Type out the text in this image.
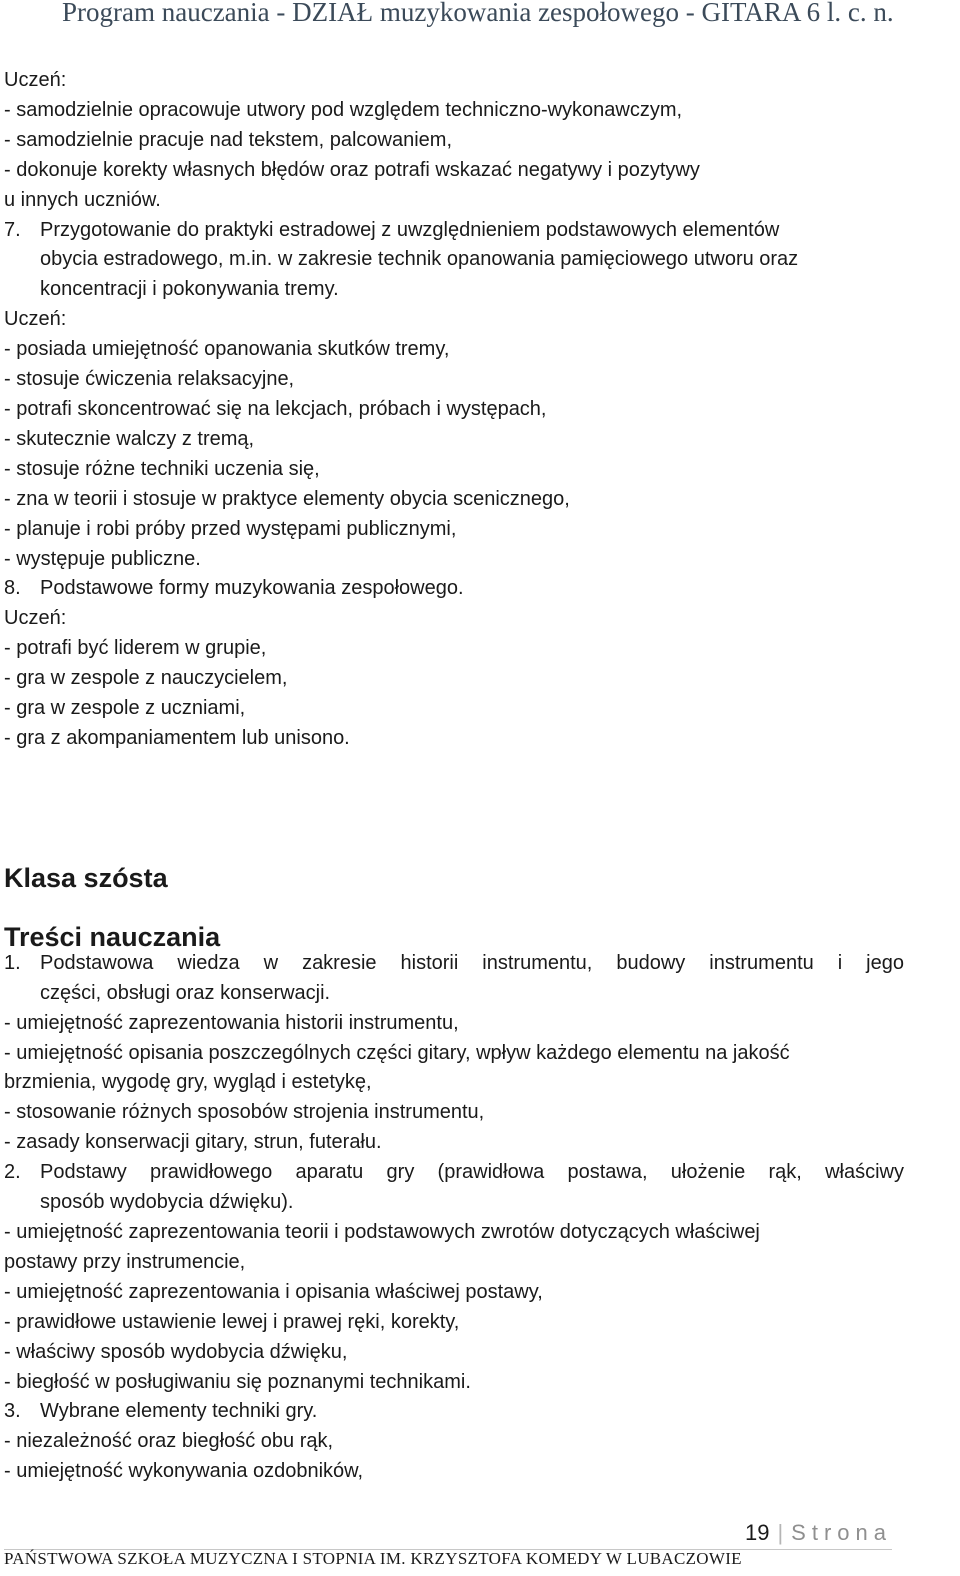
Program nauczania - DZIAŁ muzykowania zespołowego - GITARA 6 l. c. n.
Uczeń:
- samodzielnie opracowuje utwory pod względem techniczno-wykonawczym,
- samodzielnie pracuje nad tekstem, palcowaniem,
- dokonuje korekty własnych błędów oraz potrafi wskazać negatywy i pozytywy
u innych uczniów.
7. Przygotowanie do praktyki estradowej z uwzględnieniem podstawowych elementów
obycia estradowego, m.in. w zakresie technik opanowania pamięciowego utworu oraz
koncentracji i pokonywania tremy.
Uczeń:
- posiada umiejętność opanowania skutków tremy,
- stosuje ćwiczenia relaksacyjne,
- potrafi skoncentrować się na lekcjach, próbach i występach,
- skutecznie walczy z tremą,
- stosuje różne techniki uczenia się,
- zna w teorii i stosuje w praktyce elementy obycia scenicznego,
- planuje i robi próby przed występami publicznymi,
- występuje publiczne.
8. Podstawowe formy muzykowania zespołowego.
Uczeń:
- potrafi być liderem w grupie,
- gra w zespole z nauczycielem,
- gra w zespole z uczniami,
- gra z akompaniamentem lub unisono.
Klasa szósta
Treści nauczania
1. Podstawowa wiedza w zakresie historii instrumentu, budowy instrumentu i jego
części, obsługi oraz konserwacji.
- umiejętność zaprezentowania historii instrumentu,
- umiejętność opisania poszczególnych części gitary, wpływ każdego elementu na jakość
brzmienia, wygodę gry, wygląd i estetykę,
- stosowanie różnych sposobów strojenia instrumentu,
- zasady konserwacji gitary, strun, futerału.
2. Podstawy prawidłowego aparatu gry (prawidłowa postawa, ułożenie rąk, właściwy
sposób wydobycia dźwięku).
- umiejętność zaprezentowania teorii i podstawowych zwrotów dotyczących właściwej
postawy przy instrumencie,
- umiejętność zaprezentowania i opisania właściwej postawy,
- prawidłowe ustawienie lewej i prawej ręki, korekty,
- właściwy sposób wydobycia dźwięku,
- biegłość w posługiwaniu się poznanymi technikami.
3. Wybrane elementy techniki gry.
- niezależność oraz biegłość obu rąk,
- umiejętność wykonywania ozdobników,
19 | Strona
PAŃSTWOWA SZKOŁA MUZYCZNA I STOPNIA IM. KRZYSZTOFA KOMEDY W LUBACZOWIE
